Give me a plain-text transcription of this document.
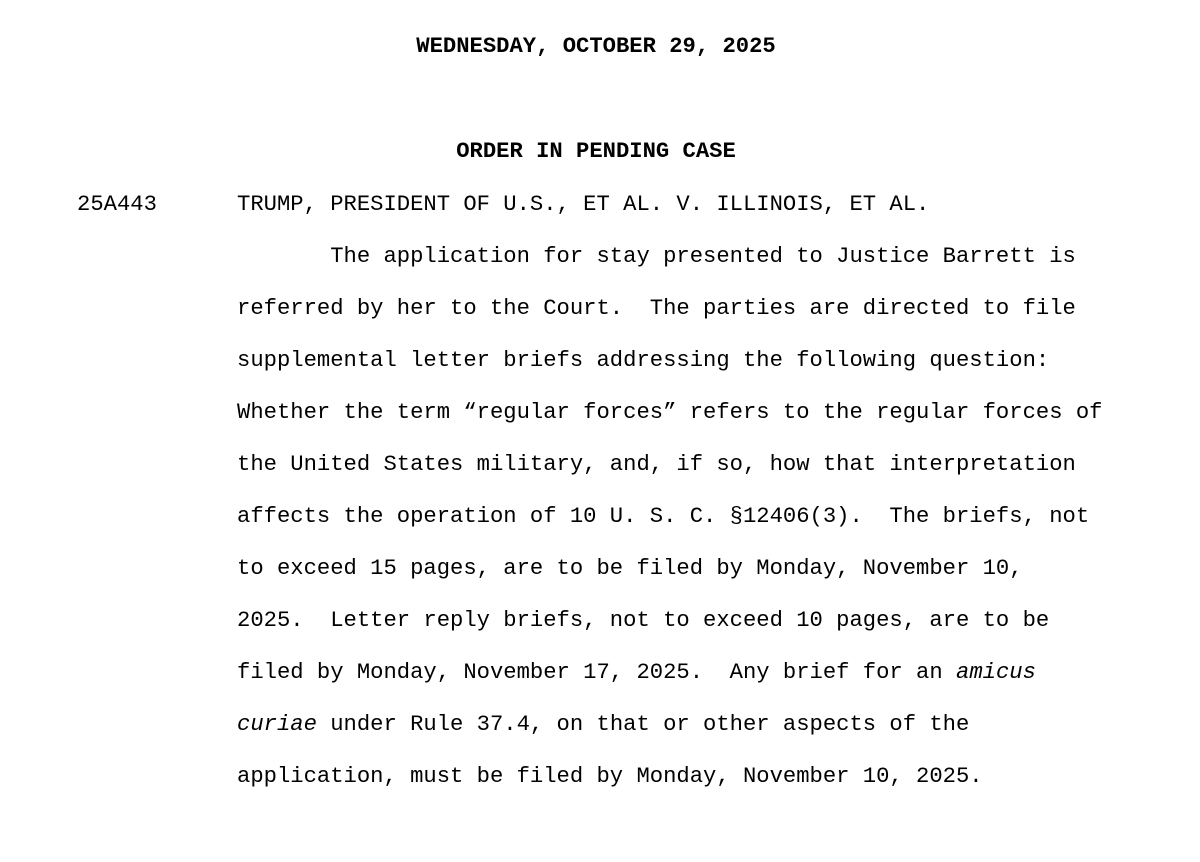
WEDNESDAY, OCTOBER 29, 2025
ORDER IN PENDING CASE
25A443	TRUMP, PRESIDENT OF U.S., ET AL. V. ILLINOIS, ET AL.
The application for stay presented to Justice Barrett is
referred by her to the Court.  The parties are directed to file
supplemental letter briefs addressing the following question:
Whether the term “regular forces” refers to the regular forces of
the United States military, and, if so, how that interpretation
affects the operation of 10 U. S. C. §12406(3).  The briefs, not
to exceed 15 pages, are to be filed by Monday, November 10,
2025.  Letter reply briefs, not to exceed 10 pages, are to be
filed by Monday, November 17, 2025.  Any brief for an amicus
curiae under Rule 37.4, on that or other aspects of the
application, must be filed by Monday, November 10, 2025.
